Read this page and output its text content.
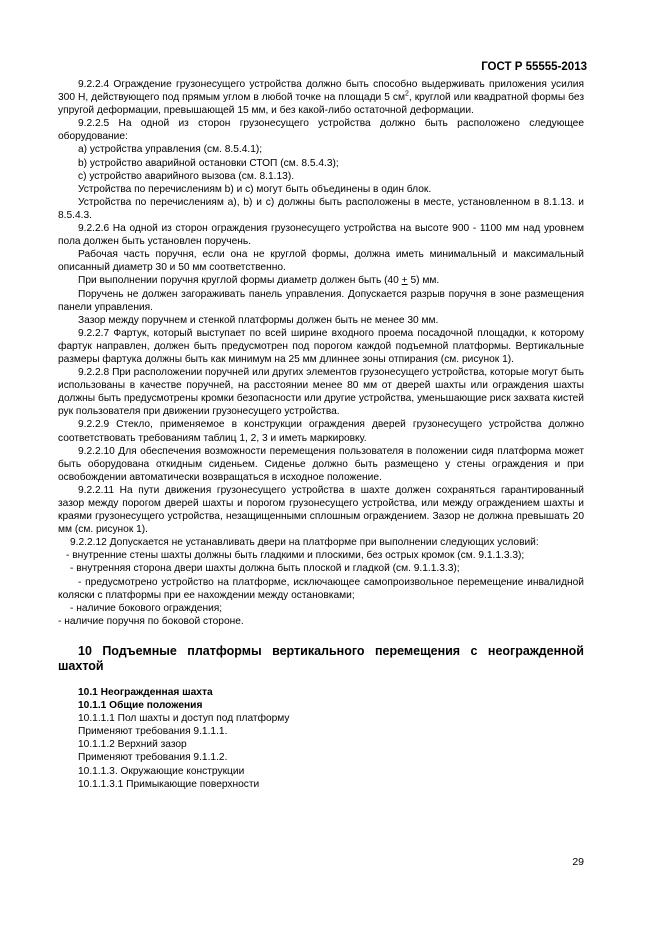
ГОСТ Р 55555-2013

9.2.2.4 Ограждение грузонесущего устройства должно быть способно выдерживать приложения усилия 300 Н, действующего под прямым углом в любой точке на площади 5 $см^2$, круглой или квадратной формы без упругой деформации, превышающей 15 мм, и без какой-либо остаточной деформации.

9.2.2.5 На одной из сторон грузонесущего устройства должно быть расположено следующее оборудование:

a) устройства управления (см. 8.5.4.1);

b) устройство аварийной остановки СТОП (см. 8.5.4.3);

c) устройство аварийного вызова (см. 8.1.13).

Устройства по перечислениям b) и c) могут быть объединены в один блок.

Устройства по перечислениям а), b) и с) должны быть расположены в месте, установленном в 8.1.13. и 8.5.4.3.

9.2.2.6 На одной из сторон ограждения грузонесущего устройства на высоте 900 - 1100 мм над уровнем пола должен быть установлен поручень.

Рабочая часть поручня, если она не круглой формы, должна иметь минимальный и максимальный описанный диаметр 30 и 50 мм соответственно.

При выполнении поручня круглой формы диаметр должен быть (40 + 5) мм.

Поручень не должен загораживать панель управления. Допускается разрыв поручня в зоне размещения панели управления.

Зазор между поручнем и стенкой платформы должен быть не менее 30 мм.

9.2.2.7 Фартук, который выступает по всей ширине входного проема посадочной площадки, к которому фартук направлен, должен быть предусмотрен под порогом каждой подъемной платформы. Вертикальные размеры фартука должны быть как минимум на 25 мм длиннее зоны отпирания (см. рисунок 1).

9.2.2.8 При расположении поручней или других элементов грузонесущего устройства, которые могут быть использованы в качестве поручней, на расстоянии менее 80 мм от дверей шахты или ограждения шахты должны быть предусмотрены кромки безопасности или другие устройства, уменьшающие риск захвата кистей рук пользователя при движении грузонесущего устройства.

9.2.2.9 Стекло, применяемое в конструкции ограждения дверей грузонесущего устройства должно соответствовать требованиям таблиц 1, 2, 3 и иметь маркировку.

9.2.2.10 Для обеспечения возможности перемещения пользователя в положении сидя платформа может быть оборудована откидным сиденьем. Сиденье должно быть размещено у стены ограждения и при освобождении автоматически возвращаться в исходное положение.

9.2.2.11 На пути движения грузонесущего устройства в шахте должен сохраняться гарантированный зазор между порогом дверей шахты и порогом грузонесущего устройства, или между ограждением шахты и краями грузонесущего устройства, незащищенными сплошным ограждением. Зазор не должна превышать 20 мм (см. рисунок 1).

9.2.2.12 Допускается не устанавливать двери на платформе при выполнении следующих условий:

- внутренние стены шахты должны быть гладкими и плоскими, без острых кромок (см. 9.1.1.3.3);

- внутренняя сторона двери шахты должна быть плоской и гладкой (см. 9.1.1.3.3);

- предусмотрено устройство на платформе, исключающее самопроизвольное перемещение инвалидной коляски с платформы при ее нахождении между остановками;

- наличие бокового ограждения;

- наличие поручня по боковой стороне.

10 Подъемные платформы вертикального перемещения с неогражденной шахтой

10.1 Неогражденная шахта

10.1.1 Общие положения

10.1.1.1 Пол шахты и доступ под платформу

Применяют требования 9.1.1.1.

10.1.1.2 Верхний зазор

Применяют требования 9.1.1.2.

10.1.1.3. Окружающие конструкции

10.1.1.3.1 Примыкающие поверхности

29
